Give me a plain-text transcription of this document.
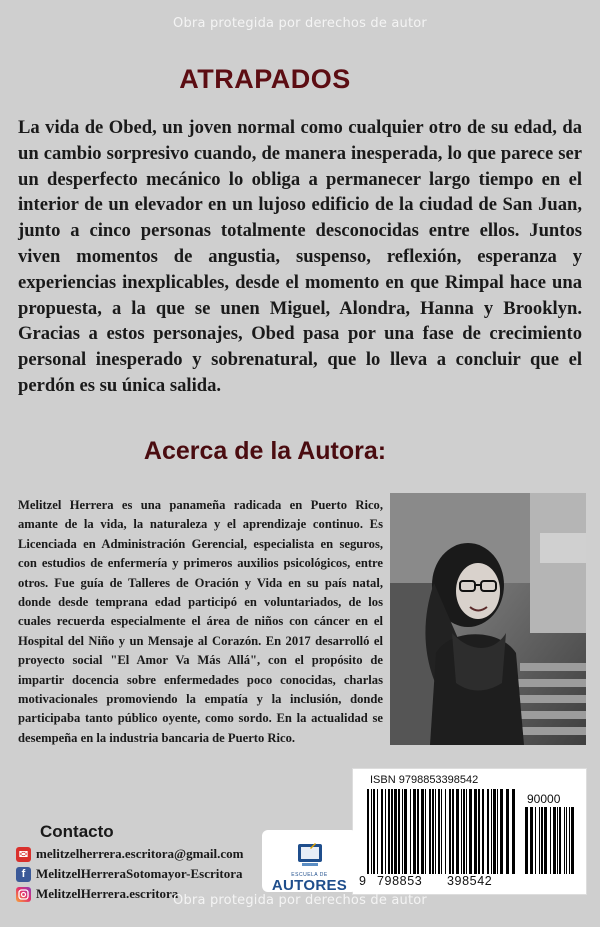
Obra protegida por derechos de autor
ATRAPADOS
La vida de Obed, un joven normal como cualquier otro de su edad, da un cambio sorpresivo cuando, de manera inesperada, lo que parece ser un desperfecto mecánico lo obliga a permanecer largo tiempo en el interior de un elevador en un lujoso edificio de la ciudad de San Juan, junto a cinco personas totalmente desconocidas entre ellos. Juntos viven momentos de angustia, suspenso, reflexión, esperanza y experiencias inexplicables, desde el momento en que Rimpal hace una propuesta, a la que se unen Miguel, Alondra, Hanna y Brooklyn. Gracias a estos personajes, Obed pasa por una fase de crecimiento personal inesperado y sobrenatural, que lo lleva a concluir que el perdón es su única salida.
Acerca de la Autora:
Melitzel Herrera es una panameña radicada en Puerto Rico, amante de la vida, la naturaleza y el aprendizaje continuo. Es Licenciada en Administración Gerencial, especialista en seguros, con estudios de enfermería y primeros auxilios psicológicos, entre otros. Fue guía de Talleres de Oración y Vida en su país natal, donde desde temprana edad participó en voluntariados, de los cuales recuerda especialmente el área de niños con cáncer en el Hospital del Niño y un Mensaje al Corazón. En 2017 desarrolló el proyecto social "El Amor Va Más Allá", con el propósito de impartir docencia sobre enfermedades poco conocidas, charlas motivacionales promoviendo la empatía y la inclusión, donde participaba tanto público oyente, como sordo. En la actualidad se desempeña en la industria bancaria de Puerto Rico.
ISBN 9798853398542
90000
9 798853 398542
Contacto
✉ melitzelherrera.escritora@gmail.com
f MelitzelHerreraSotomayor-Escritora
MelitzelHerrera.escritora
ESCUELA DE
AUTORES
Obra protegida por derechos de autor
